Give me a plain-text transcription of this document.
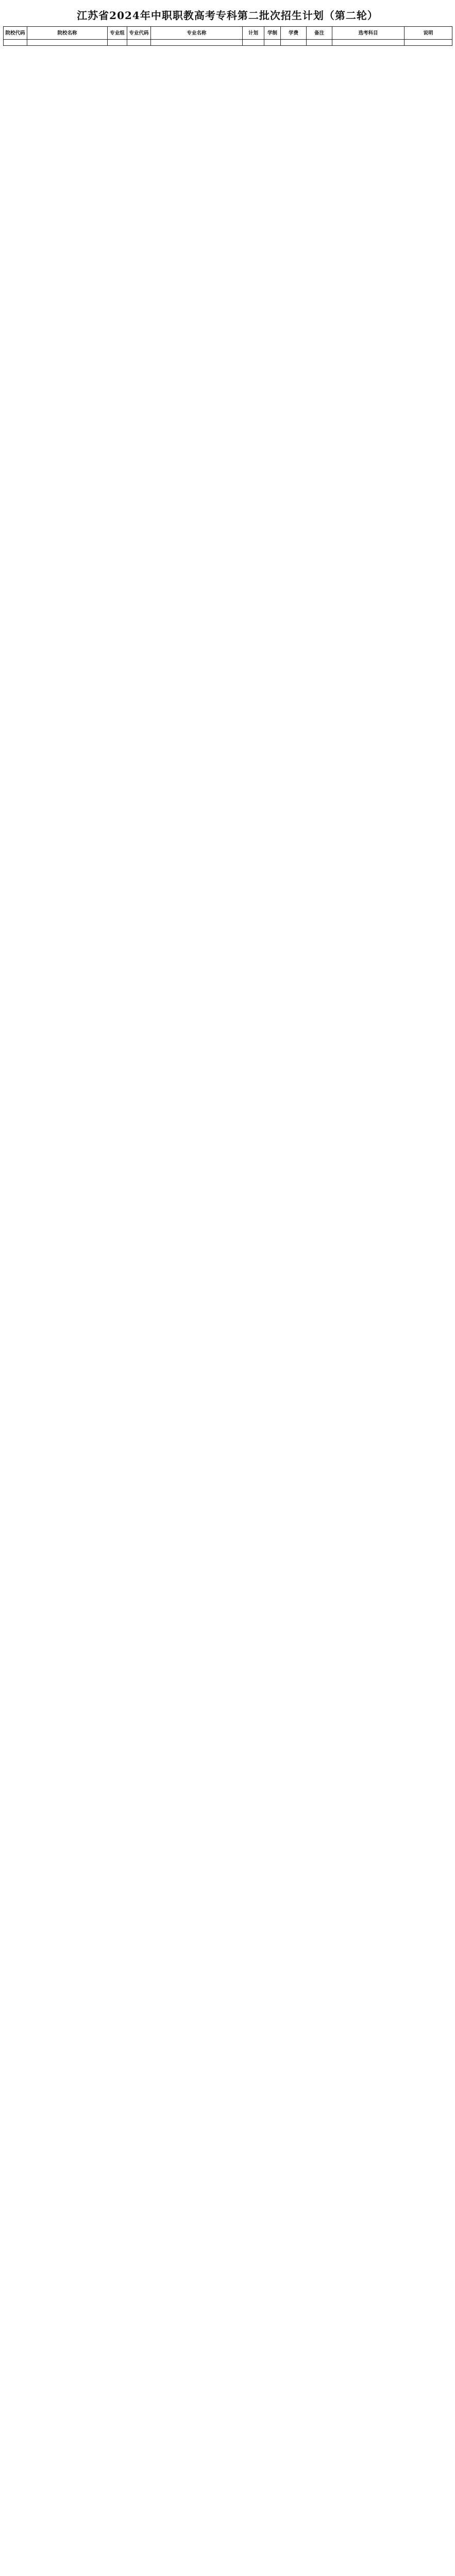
江苏省2024年中职职教高考专科第二批次招生计划（第二轮）
院校代码	院校名称	专业组	专业代码	专业名称	计划	学制	学费	备注	选考科目	说明
